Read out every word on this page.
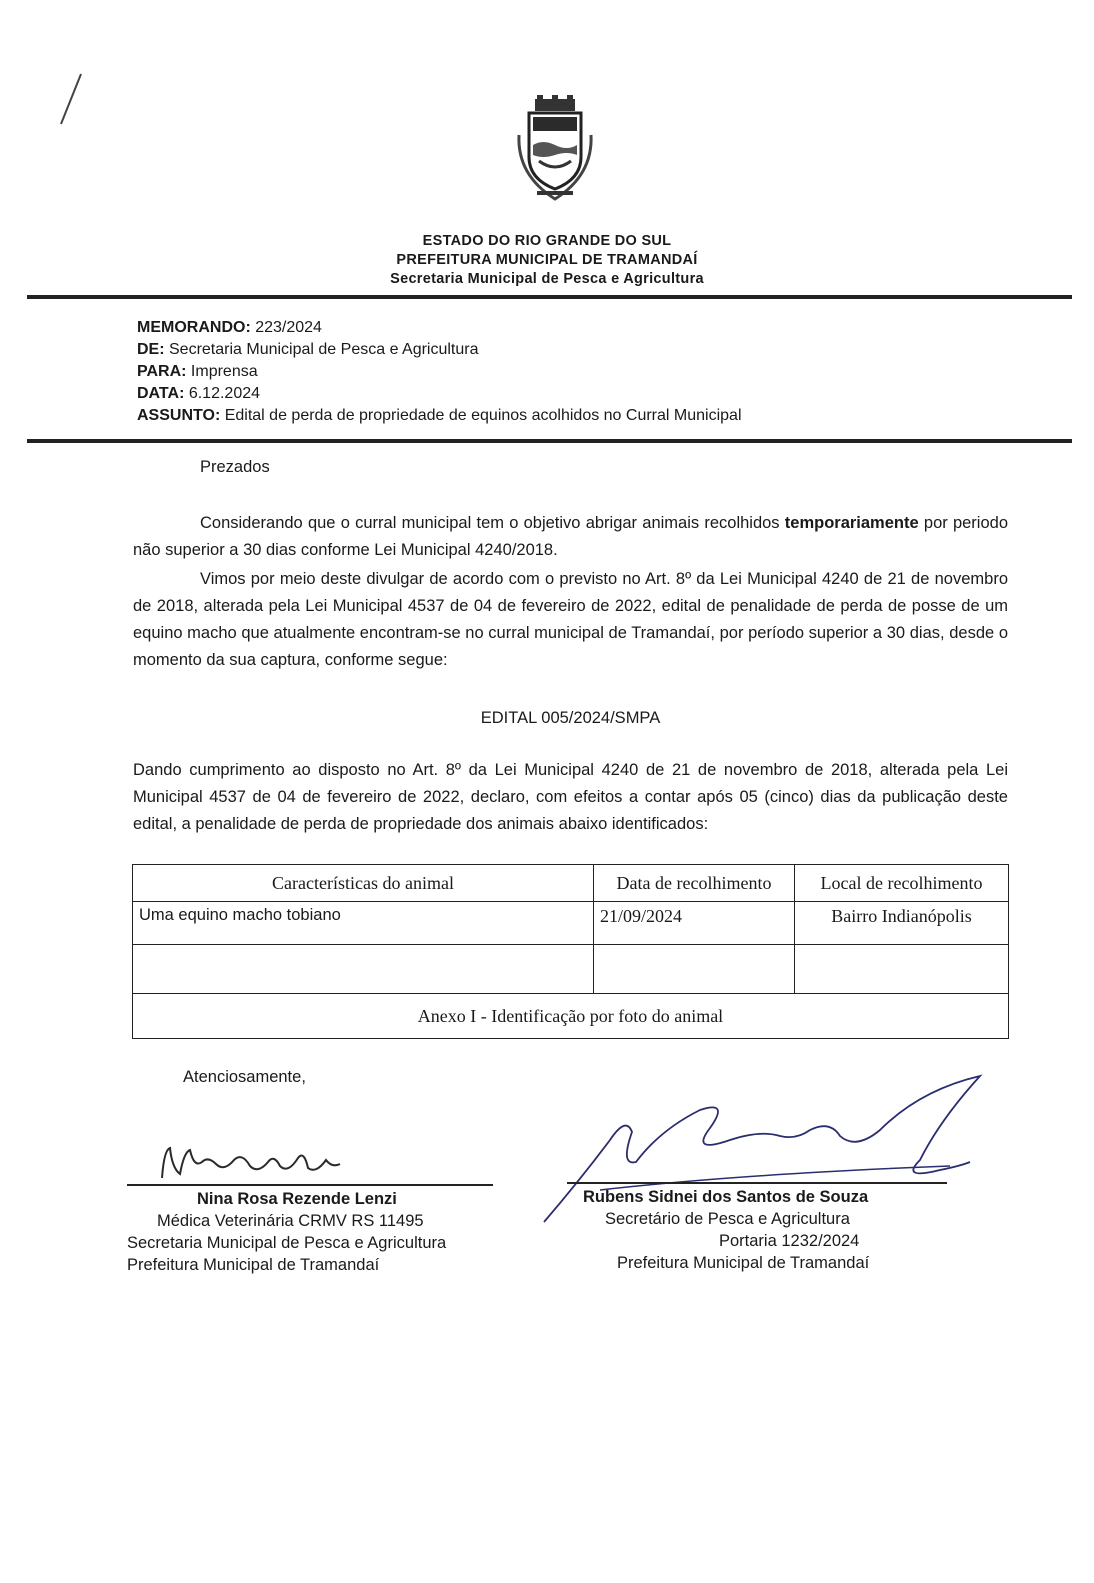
ESTADO DO RIO GRANDE DO SUL
PREFEITURA MUNICIPAL DE TRAMANDAÍ
Secretaria Municipal de Pesca e Agricultura
MEMORANDO: 223/2024
DE: Secretaria Municipal de Pesca e Agricultura
PARA: Imprensa
DATA: 6.12.2024
ASSUNTO: Edital de perda de propriedade de equinos acolhidos no Curral Municipal
Prezados
Considerando que o curral municipal tem o objetivo abrigar animais recolhidos temporariamente por periodo não superior a 30 dias conforme Lei Municipal 4240/2018.
Vimos por meio deste divulgar de acordo com o previsto no Art. 8º da Lei Municipal 4240 de 21 de novembro de 2018, alterada pela Lei Municipal 4537 de 04 de fevereiro de 2022, edital de penalidade de perda de posse de um equino macho que atualmente encontram-se no curral municipal de Tramandaí, por período superior a 30 dias, desde o momento da sua captura, conforme segue:
EDITAL 005/2024/SMPA
Dando cumprimento ao disposto no Art. 8º da Lei Municipal 4240 de 21 de novembro de 2018, alterada pela Lei Municipal 4537 de 04 de fevereiro de 2022, declaro, com efeitos a contar após 05 (cinco) dias da publicação deste edital, a penalidade de perda de propriedade dos animais abaixo identificados:
Características do animal	Data de recolhimento	Local de recolhimento
Uma equino macho tobiano	21/09/2024	Bairro Indianópolis

Anexo I - Identificação por foto do animal		
Atenciosamente,
Nina Rosa Rezende Lenzi
Médica Veterinária CRMV RS 11495
Secretaria Municipal de Pesca e Agricultura
Prefeitura Municipal de Tramandaí
Rubens Sidnei dos Santos de Souza
Secretário de Pesca e Agricultura
Portaria 1232/2024
Prefeitura Municipal de Tramandaí
